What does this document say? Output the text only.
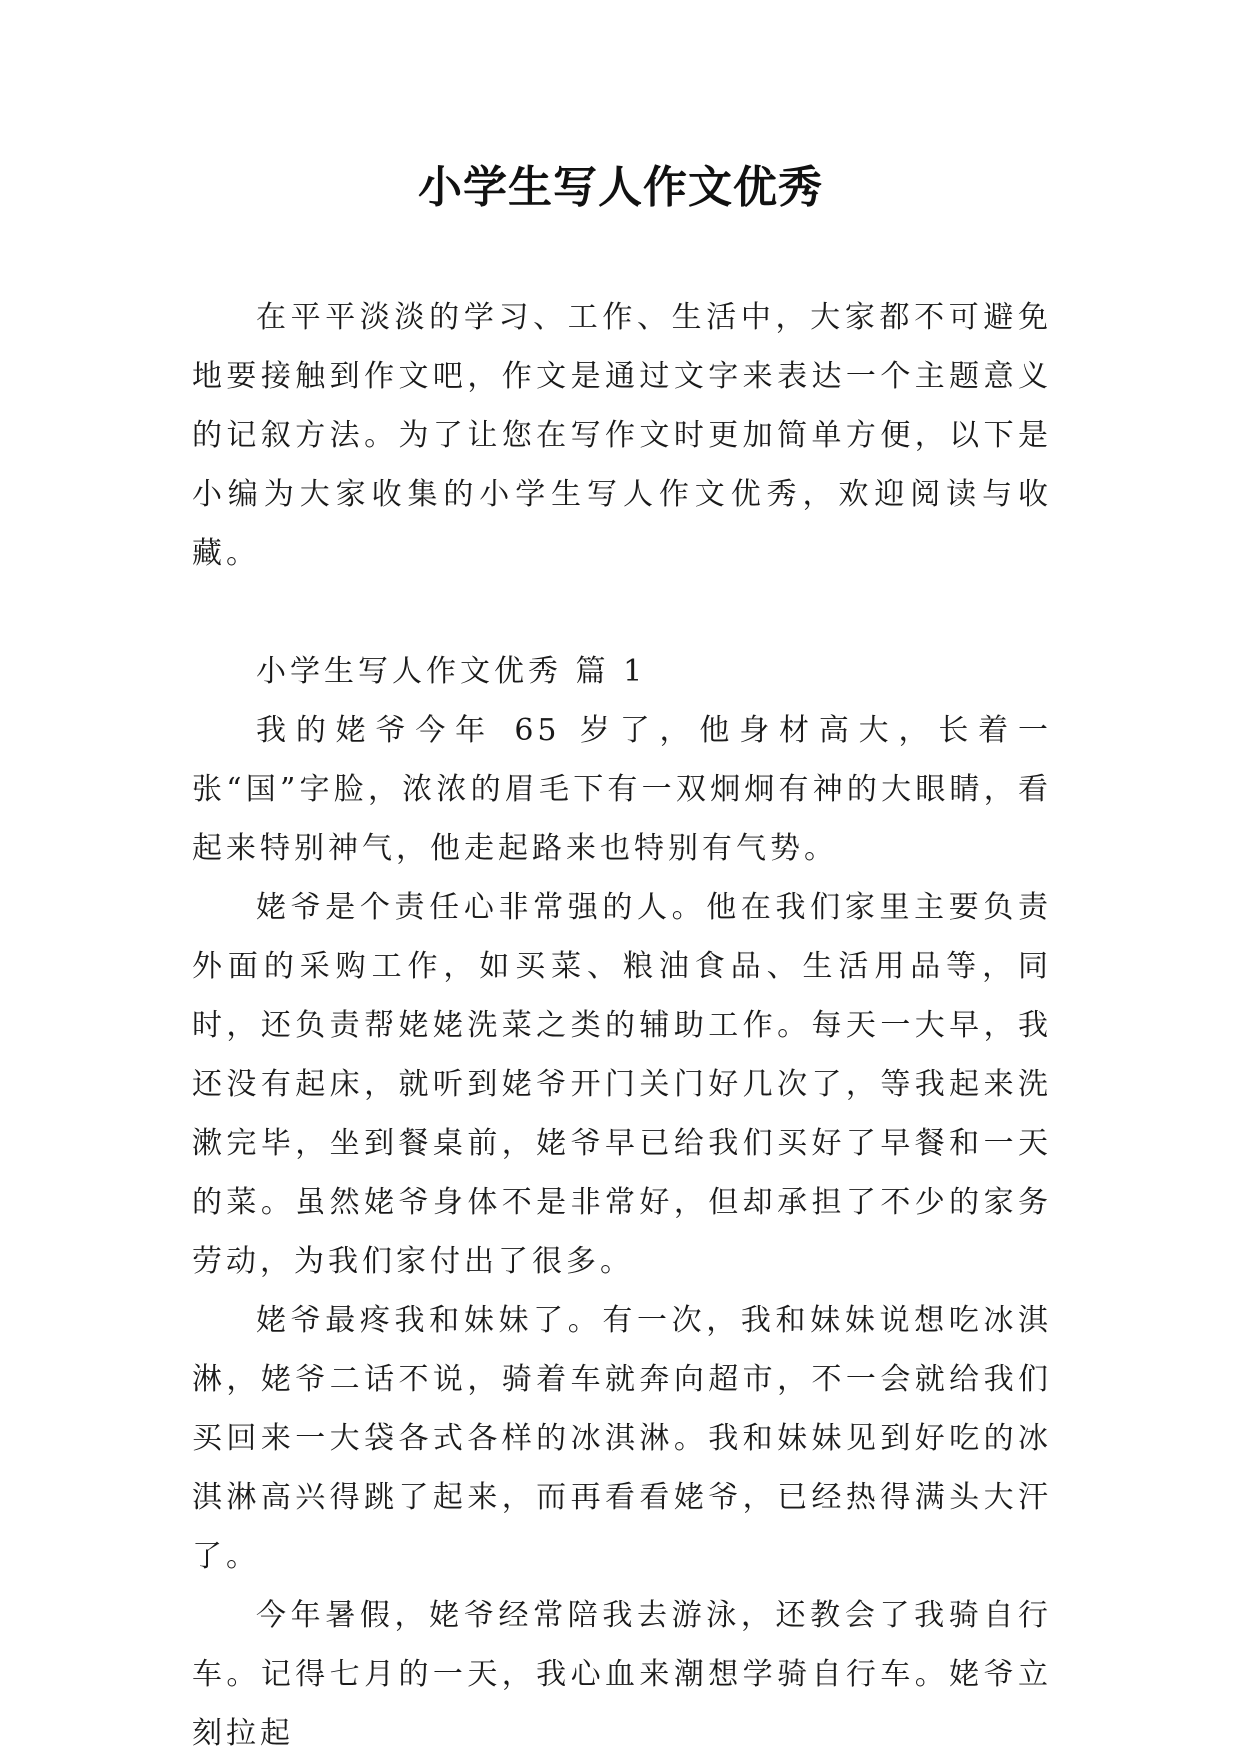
小学生写人作文优秀

在平平淡淡的学习、工作、生活中，大家都不可避免地要接触到作文吧，作文是通过文字来表达一个主题意义的记叙方法。为了让您在写作文时更加简单方便，以下是小编为大家收集的小学生写人作文优秀，欢迎阅读与收藏。

小学生写人作文优秀 篇 1

我的姥爷今年 65 岁了，他身材高大，长着一张“国”字脸，浓浓的眉毛下有一双炯炯有神的大眼睛，看起来特别神气，他走起路来也特别有气势。

姥爷是个责任心非常强的人。他在我们家里主要负责外面的采购工作，如买菜、粮油食品、生活用品等，同时，还负责帮姥姥洗菜之类的辅助工作。每天一大早，我还没有起床，就听到姥爷开门关门好几次了，等我起来洗漱完毕，坐到餐桌前，姥爷早已给我们买好了早餐和一天的菜。虽然姥爷身体不是非常好，但却承担了不少的家务劳动，为我们家付出了很多。

姥爷最疼我和妹妹了。有一次，我和妹妹说想吃冰淇淋，姥爷二话不说，骑着车就奔向超市，不一会就给我们买回来一大袋各式各样的冰淇淋。我和妹妹见到好吃的冰淇淋高兴得跳了起来，而再看看姥爷，已经热得满头大汗了。

今年暑假，姥爷经常陪我去游泳，还教会了我骑自行车。记得七月的一天，我心血来潮想学骑自行车。姥爷立刻拉起
